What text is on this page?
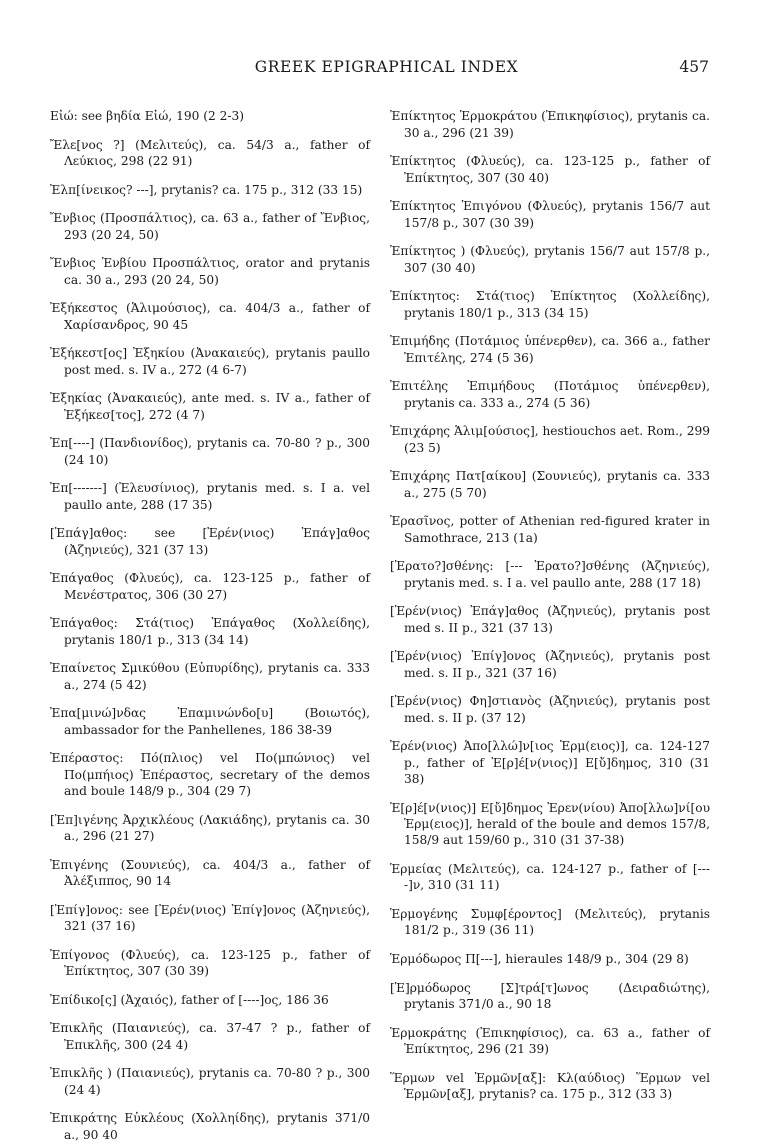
GREEK EPIGRAPHICAL INDEX	457

Εἰώ: see βηδία Εἰώ, 190 (2 2-3)

Ἔλε[νος ?] (Μελιτεύς), ca. 54/3 a., father of Λεύκιος, 298 (22 91)

Ἐλπ[ίνεικος? ---], prytanis? ca. 175 p., 312 (33 15)

Ἔνβιος (Προσπάλτιος), ca. 63 a., father of Ἔνβιος, 293 (20 24, 50)

Ἔνβιος Ἐνβίου Προσπάλτιος, orator and prytanis ca. 30 a., 293 (20 24, 50)

Ἐξήκεστος (Ἁλιμούσιος), ca. 404/3 a., father of Χαρίσανδρος, 90 45

Ἐξήκεστ[ος] Ἐξηκίου (Ἀνακαιεύς), prytanis paullo post med. s. IV a., 272 (4 6-7)

Ἐξηκίας (Ἀνακαιεύς), ante med. s. IV a., father of Ἐξήκεσ[τος], 272 (4 7)

Ἐπ[----] (Πανδιονίδος), prytanis ca. 70-80 ? p., 300 (24 10)

Ἐπ[-------] (Ἐλευσίνιος), prytanis med. s. I a. vel paullo ante, 288 (17 35)

[Ἐπάγ]αθος: see [Ἐρέν(νιος) Ἐπάγ]αθος (Ἀζηνιεύς), 321 (37 13)

Ἐπάγαθος (Φλυεύς), ca. 123-125 p., father of Μενέστρατος, 306 (30 27)

Ἐπάγαθος: Στά(τιος) Ἐπάγαθος (Χολλείδης), prytanis 180/1 p., 313 (34 14)

Ἐπαίνετος Σμικύθου (Εὐπυρίδης), prytanis ca. 333 a., 274 (5 42)

Ἐπα[μινώ]νδας Ἐπαμινώνδο[υ] (Βοιωτός), ambassador for the Panhellenes, 186 38-39

Ἐπέραστος: Πό(πλιος) vel Πο(μπώνιος) vel Πο(μπήιος) Ἐπέραστος, secretary of the demos and boule 148/9 p., 304 (29 7)

[Ἐπ]ιγένης Ἀρχικλέους (Λακιάδης), prytanis ca. 30 a., 296 (21 27)

Ἐπιγένης (Σουνιεύς), ca. 404/3 a., father of Ἀλέξιππος, 90 14

[Ἐπίγ]ονος: see [Ἐρέν(νιος) Ἐπίγ]ονος (Ἀζηνιεύς), 321 (37 16)

Ἐπίγονος (Φλυεύς), ca. 123-125 p., father of Ἐπίκτητος, 307 (30 39)

Ἐπίδικο[ς] (Ἀχαιός), father of [----]ος, 186 36

Ἐπικλῆς (Παιανιεύς), ca. 37-47 ? p., father of Ἐπικλῆς, 300 (24 4)

Ἐπικλῆς ) (Παιανιεύς), prytanis ca. 70-80 ? p., 300 (24 4)

Ἐπικράτης Εὐκλέους (Χολληίδης), prytanis 371/0 a., 90 40

Ἐπίκτητος Ἑρμοκράτου (Ἐπικηφίσιος), prytanis ca. 30 a., 296 (21 39)

Ἐπίκτητος (Φλυεύς), ca. 123-125 p., father of Ἐπίκτητος, 307 (30 40)

Ἐπίκτητος Ἐπιγόνου (Φλυεύς), prytanis 156/7 aut 157/8 p., 307 (30 39)

Ἐπίκτητος ) (Φλυεύς), prytanis 156/7 aut 157/8 p., 307 (30 40)

Ἐπίκτητος: Στά(τιος) Ἐπίκτητος (Χολλείδης), prytanis 180/1 p., 313 (34 15)

Ἐπιμήδης (Ποτάμιος ὑπένερθεν), ca. 366 a., father Ἐπιτέλης, 274 (5 36)

Ἐπιτέλης Ἐπιμήδους (Ποτάμιος ὑπένερθεν), prytanis ca. 333 a., 274 (5 36)

Ἐπιχάρης Ἁλιμ[ούσιος], hestiouchos aet. Rom., 299 (23 5)

Ἐπιχάρης Πατ[αίκου] (Σουνιεύς), prytanis ca. 333 a., 275 (5 70)

Ἐρασῖνος, potter of Athenian red-figured krater in Samothrace, 213 (1a)

[Ἐρατο?]σθένης: [--- Ἐρατο?]σθένης (Ἀζηνιεύς), prytanis med. s. I a. vel paullo ante, 288 (17 18)

[Ἐρέν(νιος) Ἐπάγ]αθος (Ἀζηνιεύς), prytanis post med s. II p., 321 (37 13)

[Ἐρέν(νιος) Ἐπίγ]ονος (Ἀζηνιεύς), prytanis post med. s. II p., 321 (37 16)

[Ἐρέν(νιος) Φη]στιανὸς (Ἀζηνιεύς), prytanis post med. s. II p. (37 12)

Ἐρέν(νιος) Ἀπο[λλώ]ν[ιος Ἑρμ(ειος)], ca. 124-127 p., father of Ἐ[ρ]έ[ν(νιος)] Ε[ὔ]δημος, 310 (31 38)

Ἐ[ρ]έ[ν(νιος)] Ε[ὔ]δημος Ἐρεν(νίου) Ἀπο[λλω]νί[ου Ἑρμ(ειος)], herald of the boule and demos 157/8, 158/9 aut 159/60 p., 310 (31 37-38)

Ἑρμείας (Μελιτεύς), ca. 124-127 p., father of [----]ν, 310 (31 11)

Ἑρμογένης Συμφ[έροντος] (Μελιτεύς), prytanis 181/2 p., 319 (36 11)

Ἑρμόδωρος Π[---], hieraules 148/9 p., 304 (29 8)

[Ἑ]ρμόδωρος [Σ]τρά[τ]ωνος (Δειραδιώτης), prytanis 371/0 a., 90 18

Ἑρμοκράτης (Ἐπικηφίσιος), ca. 63 a., father of Ἐπίκτητος, 296 (21 39)

Ἕρμων vel Ἑρμῶν[αξ]: Κλ(αύδιος) Ἕρμων vel Ἑρμῶν[αξ], prytanis? ca. 175 p., 312 (33 3)
